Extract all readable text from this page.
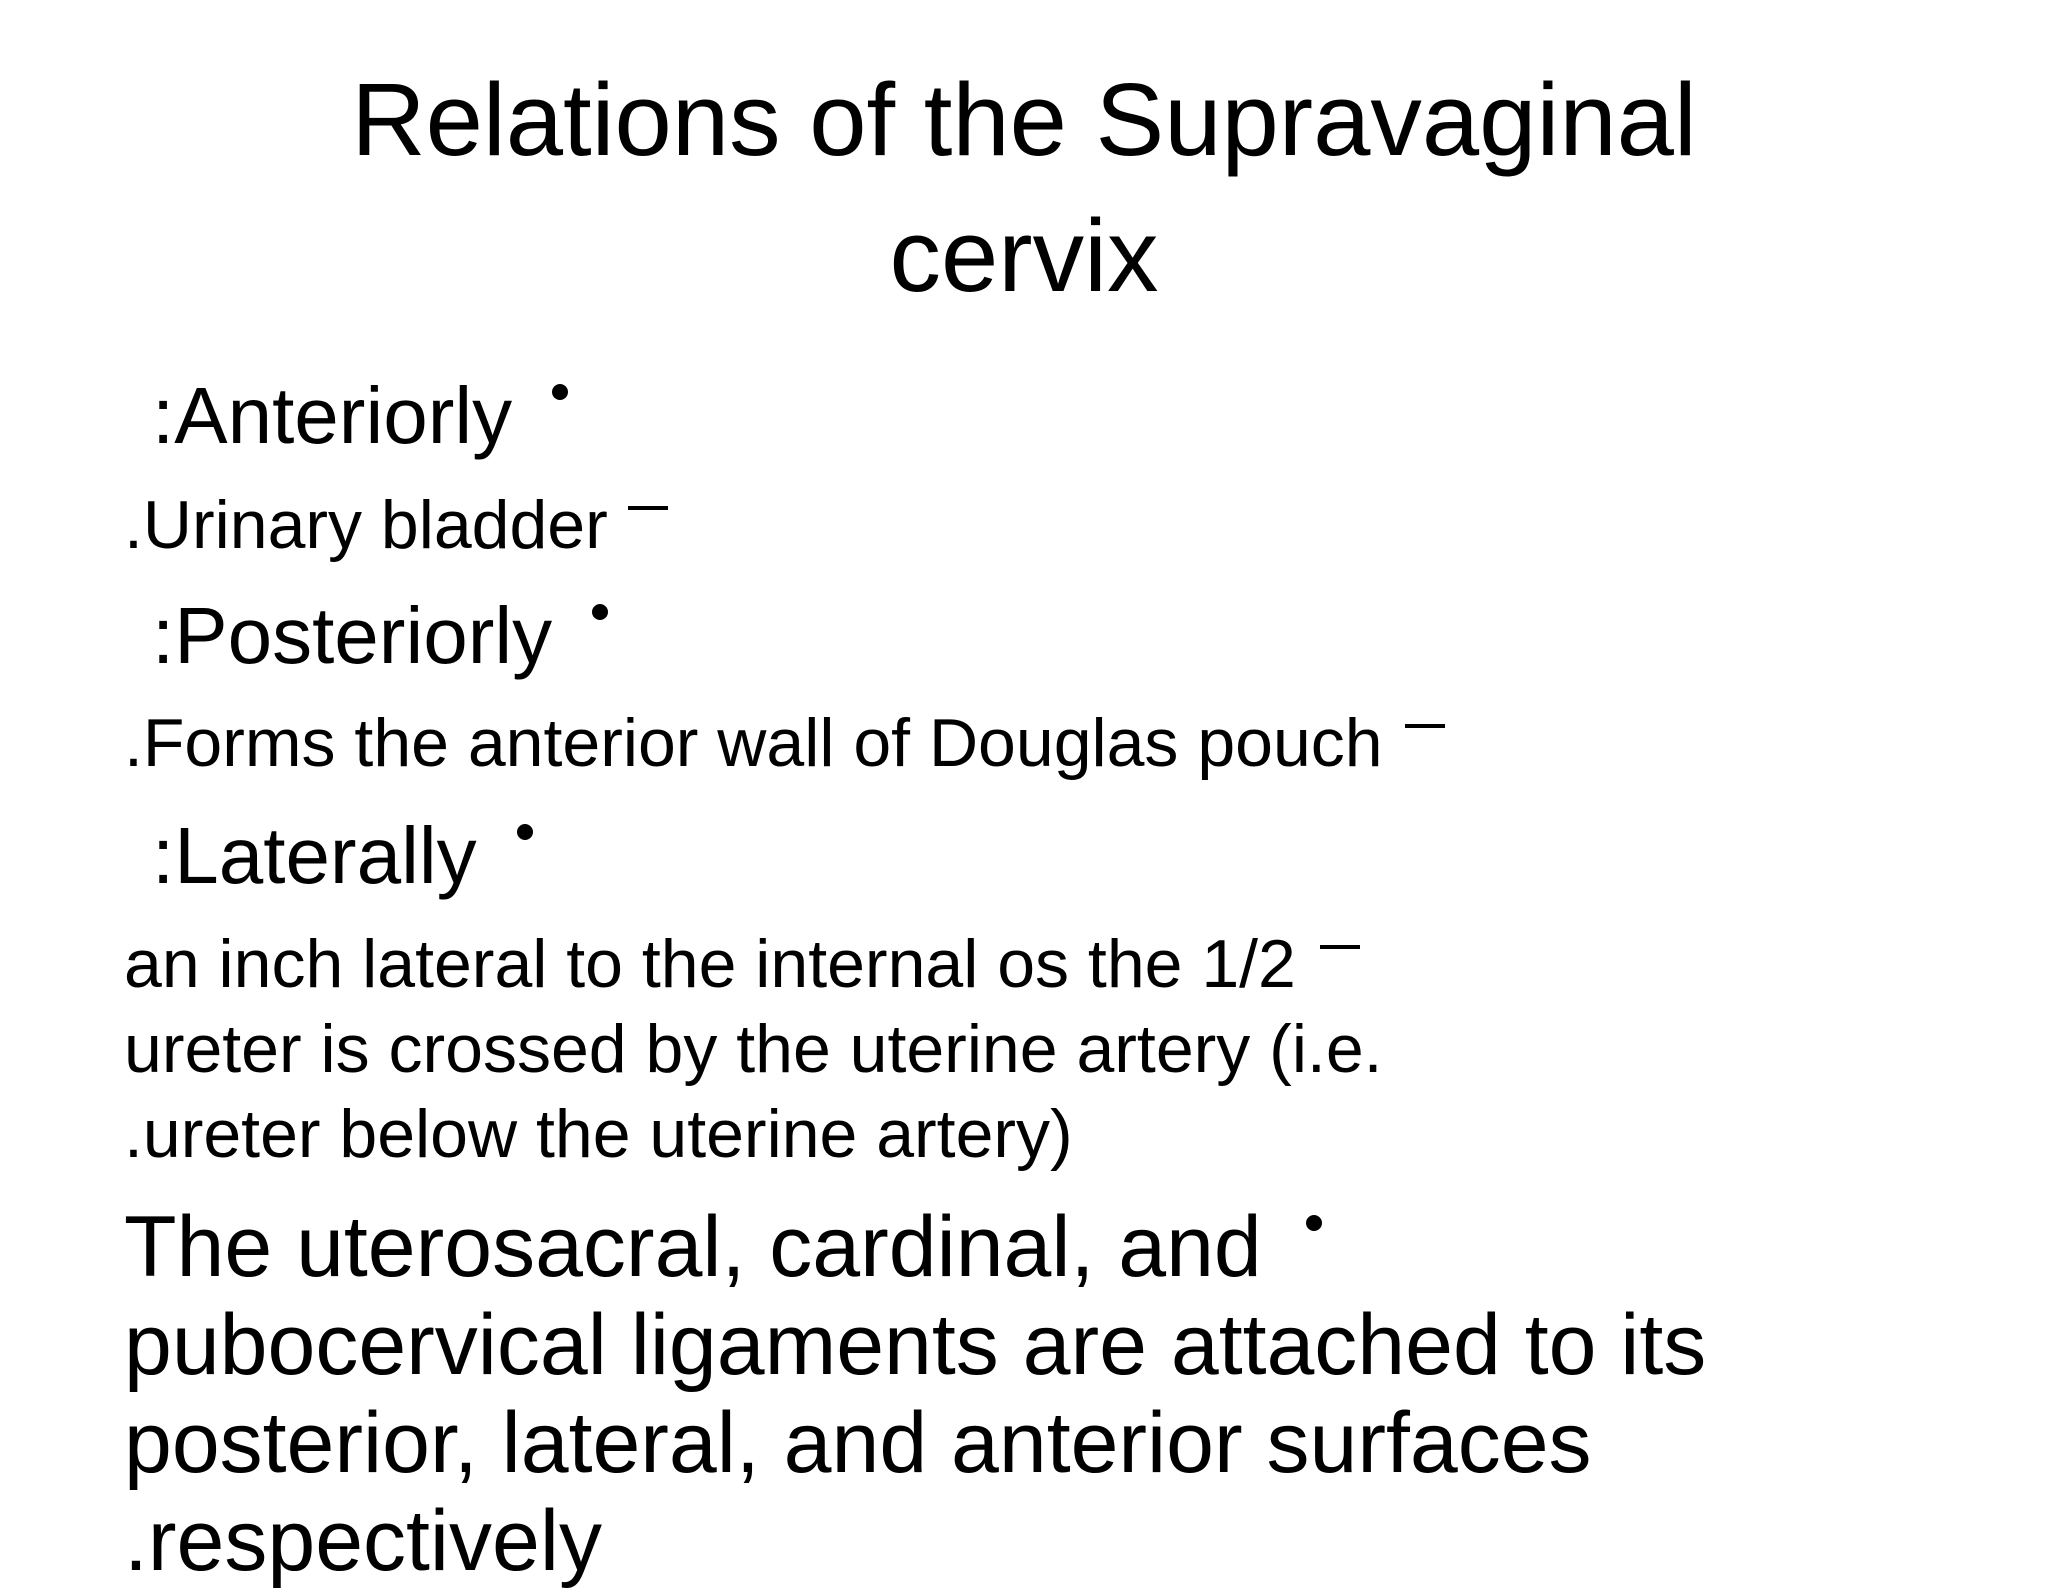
Relations of the Supravaginal
cervix
:Anteriorly
.Urinary bladder
:Posteriorly
.Forms the anterior wall of Douglas pouch
:Laterally
an inch lateral to the internal os the 1/2
ureter is crossed by the uterine artery (i.e.
.ureter below the uterine artery)
The uterosacral, cardinal, and
pubocervical ligaments are attached to its
posterior, lateral, and anterior surfaces
.respectively
